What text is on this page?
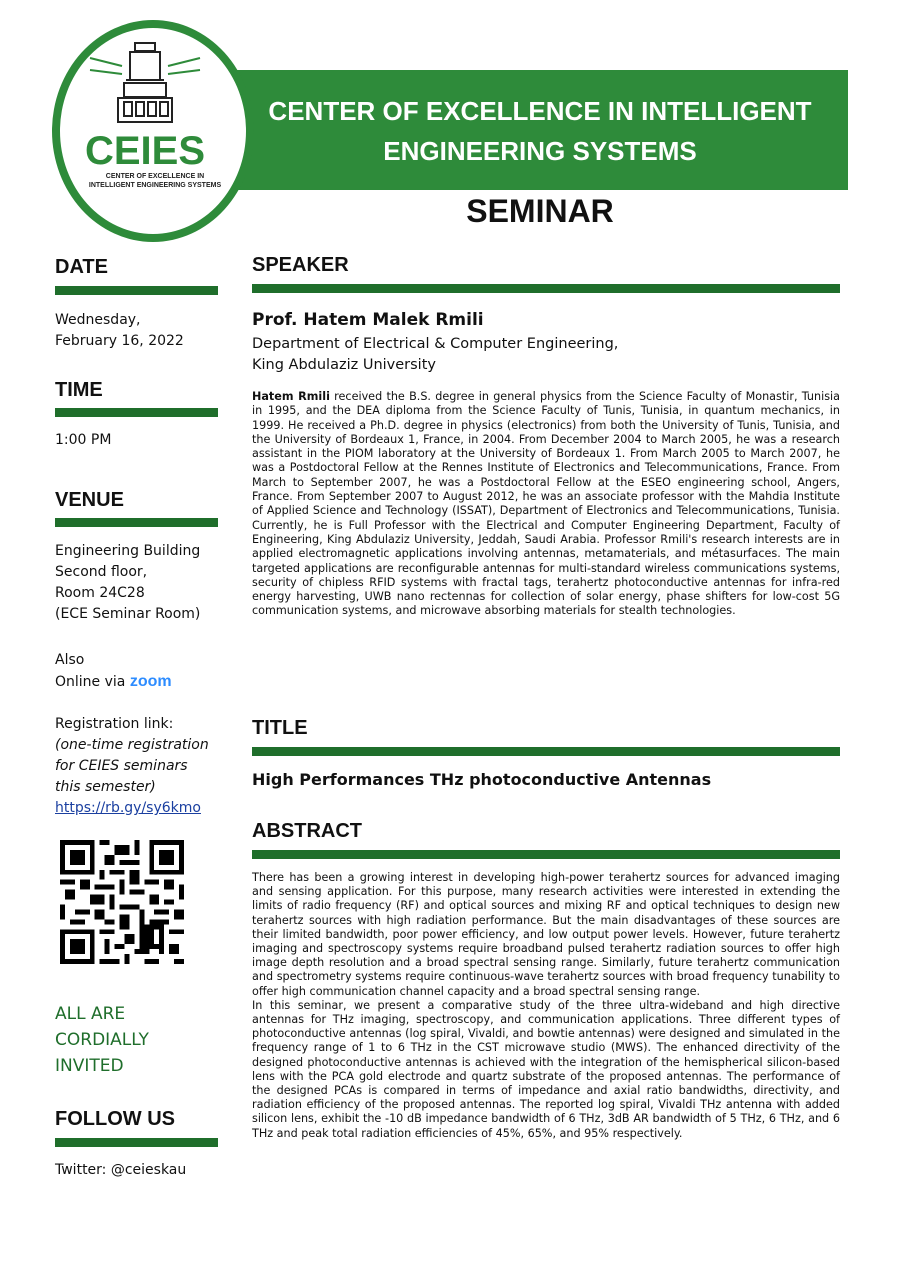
CENTER OF EXCELLENCE IN INTELLIGENT
ENGINEERING SYSTEMS
CEIES
CENTER OF EXCELLENCE IN
INTELLIGENT ENGINEERING SYSTEMS
SEMINAR
DATE
Wednesday,
February 16, 2022
TIME
1:00 PM
VENUE
Engineering Building
Second floor,
Room 24C28
(ECE Seminar Room)
Also
Online via zoom
Registration link:
(one-time registration
for CEIES seminars
this semester)
https://rb.gy/sy6kmo
ALL ARE
CORDIALLY
INVITED
FOLLOW US
Twitter: @ceieskau
SPEAKER
Prof. Hatem Malek Rmili
Department of Electrical & Computer Engineering,
King Abdulaziz University
Hatem Rmili received the B.S. degree in general physics from the Science Faculty of Monastir, Tunisia in 1995, and the DEA diploma from the Science Faculty of Tunis, Tunisia, in quantum mechanics, in 1999. He received a Ph.D. degree in physics (electronics) from both the University of Tunis, Tunisia, and the University of Bordeaux 1, France, in 2004. From December 2004 to March 2005, he was a research assistant in the PIOM laboratory at the University of Bordeaux 1. From March 2005 to March 2007, he was a Postdoctoral Fellow at the Rennes Institute of Electronics and Telecommunications, France. From March to September 2007, he was a Postdoctoral Fellow at the ESEO engineering school, Angers, France. From September 2007 to August 2012, he was an associate professor with the Mahdia Institute of Applied Science and Technology (ISSAT), Department of Electronics and Telecommunications, Tunisia. Currently, he is Full Professor with the Electrical and Computer Engineering Department, Faculty of Engineering, King Abdulaziz University, Jeddah, Saudi Arabia. Professor Rmili's research interests are in applied electromagnetic applications involving antennas, metamaterials, and métasurfaces. The main targeted applications are reconfigurable antennas for multi-standard wireless communications systems, security of chipless RFID systems with fractal tags, terahertz photoconductive antennas for infra-red energy harvesting, UWB nano rectennas for collection of solar energy, phase shifters for low-cost 5G communication systems, and microwave absorbing materials for stealth technologies.
TITLE
High Performances THz photoconductive Antennas
ABSTRACT

There has been a growing interest in developing high-power terahertz sources for advanced imaging and sensing application. For this purpose, many research activities were interested in extending the limits of radio frequency (RF) and optical sources and mixing RF and optical techniques to design new terahertz sources with high radiation performance. But the main disadvantages of these sources are their limited bandwidth, poor power efficiency, and low output power levels. However, future terahertz imaging and spectroscopy systems require broadband pulsed terahertz radiation sources to offer high image depth resolution and a broad spectral sensing range. Similarly, future terahertz communication and spectrometry systems require continuous-wave terahertz sources with broad frequency tunability to offer high communication channel capacity and a broad spectral sensing range.

In this seminar, we present a comparative study of the three ultra-wideband and high directive antennas for THz imaging, spectroscopy, and communication applications. Three different types of photoconductive antennas (log spiral, Vivaldi, and bowtie antennas) were designed and simulated in the frequency range of 1 to 6 THz in the CST microwave studio (MWS). The enhanced directivity of the designed photoconductive antennas is achieved with the integration of the hemispherical silicon-based lens with the PCA gold electrode and quartz substrate of the proposed antennas. The performance of the designed PCAs is compared in terms of impedance and axial ratio bandwidths, directivity, and radiation efficiency of the proposed antennas. The reported log spiral, Vivaldi THz antenna with added silicon lens, exhibit the -10 dB impedance bandwidth of 6 THz, 3dB AR bandwidth of 5 THz, 6 THz, and 6 THz and peak total radiation efficiencies of 45%, 65%, and 95% respectively.
